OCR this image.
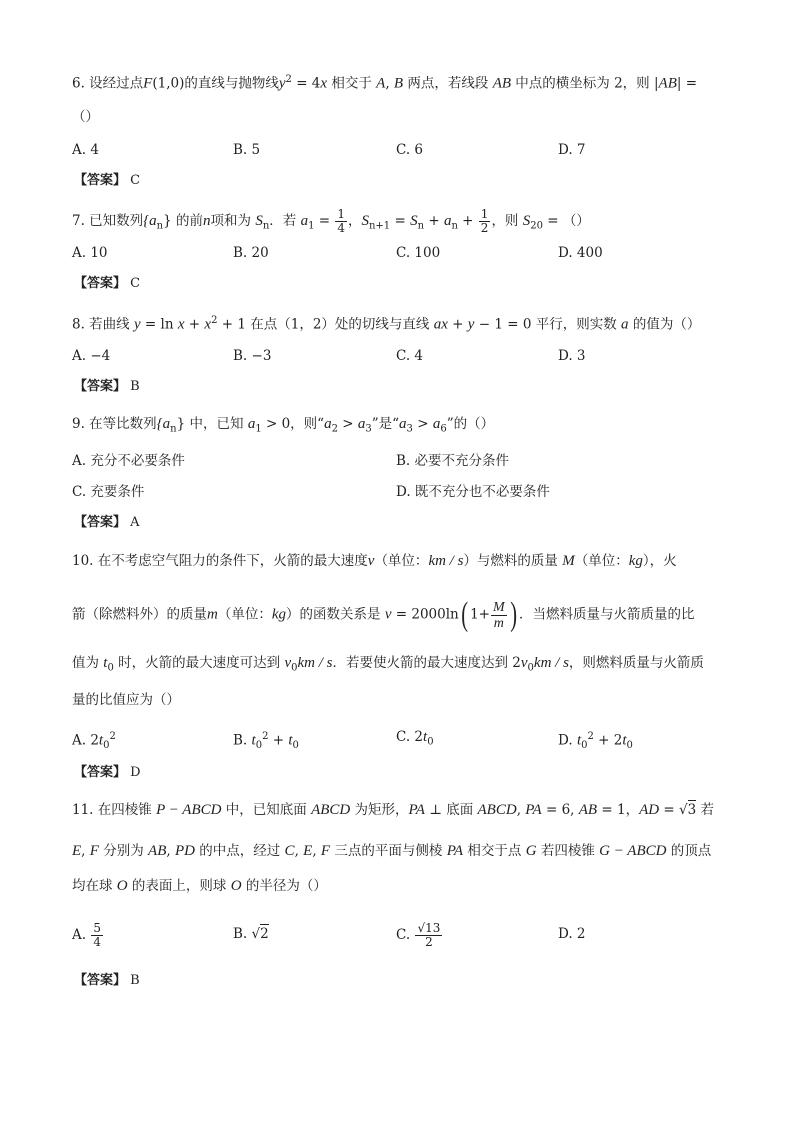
6. 设经过点F(1,0)的直线与抛物线$y^2 = 4x$ 相交于 A, B 两点，若线段 AB 中点的横坐标为 2，则 |AB| =
（）
A. 4	B. 5	C. 6	D. 7
【答案】 C
7. 已知数列$\{a_n\}$ 的前n项和为 $S_n$．若 $a_1 = \frac{1}{4}$ ，$S_{n+1} = S_n + a_n + \frac{1}{2}$ ，则 $S_{20}$ = （）
A. 10	B. 20	C. 100	D. 400
【答案】 C
8. 若曲线 $y = \ln x + x^2 + 1$ 在点（1，2）处的切线与直线 ax + y − 1 = 0 平行，则实数 a 的值为（）
A. −4	B. −3	C. 4	D. 3
【答案】 B
9. 在等比数列$\{a_n\}$ 中，已知 $a_1 > 0$，则“$a_2 > a_3$”是“$a_3 > a_6$”的（）
A. 充分不必要条件	B. 必要不充分条件
C. 充要条件	D. 既不充分也不必要条件
【答案】 A
10. 在不考虑空气阻力的条件下，火箭的最大速度v（单位：km / s）与燃料的质量 M（单位：kg），火
箭（除燃料外）的质量m（单位：kg）的函数关系是 v = 2000ln( $1+ \frac{M}{m}$ ) ．当燃料质量与火箭质量的比
值为 $t_0$ 时，火箭的最大速度可达到 $v_0km$ / s．若要使火箭的最大速度达到 $2v_0km$ / s，则燃料质量与火箭质
量的比值应为（）
A. $2t_0^2$	B. $t_0^2 + t_0$
C. $2t_0$	D. $t_0^2 + 2t_0$
【答案】 D
11. 在四棱锥 P − ABCD 中，已知底面 ABCD 为矩形，PA ⊥ 底面 ABCD, PA = 6, AB = 1，AD = √3 若
E, F 分别为 AB, PD 的中点，经过 C, E, F 三点的平面与侧棱 PA 相交于点 G 若四棱锥 G − ABCD 的顶点
均在球 O 的表面上，则球 O 的半径为（）
A. $\frac{5}{4}$	B. √2	C. $\frac{√13}{2}$	D. 2
【答案】 B
